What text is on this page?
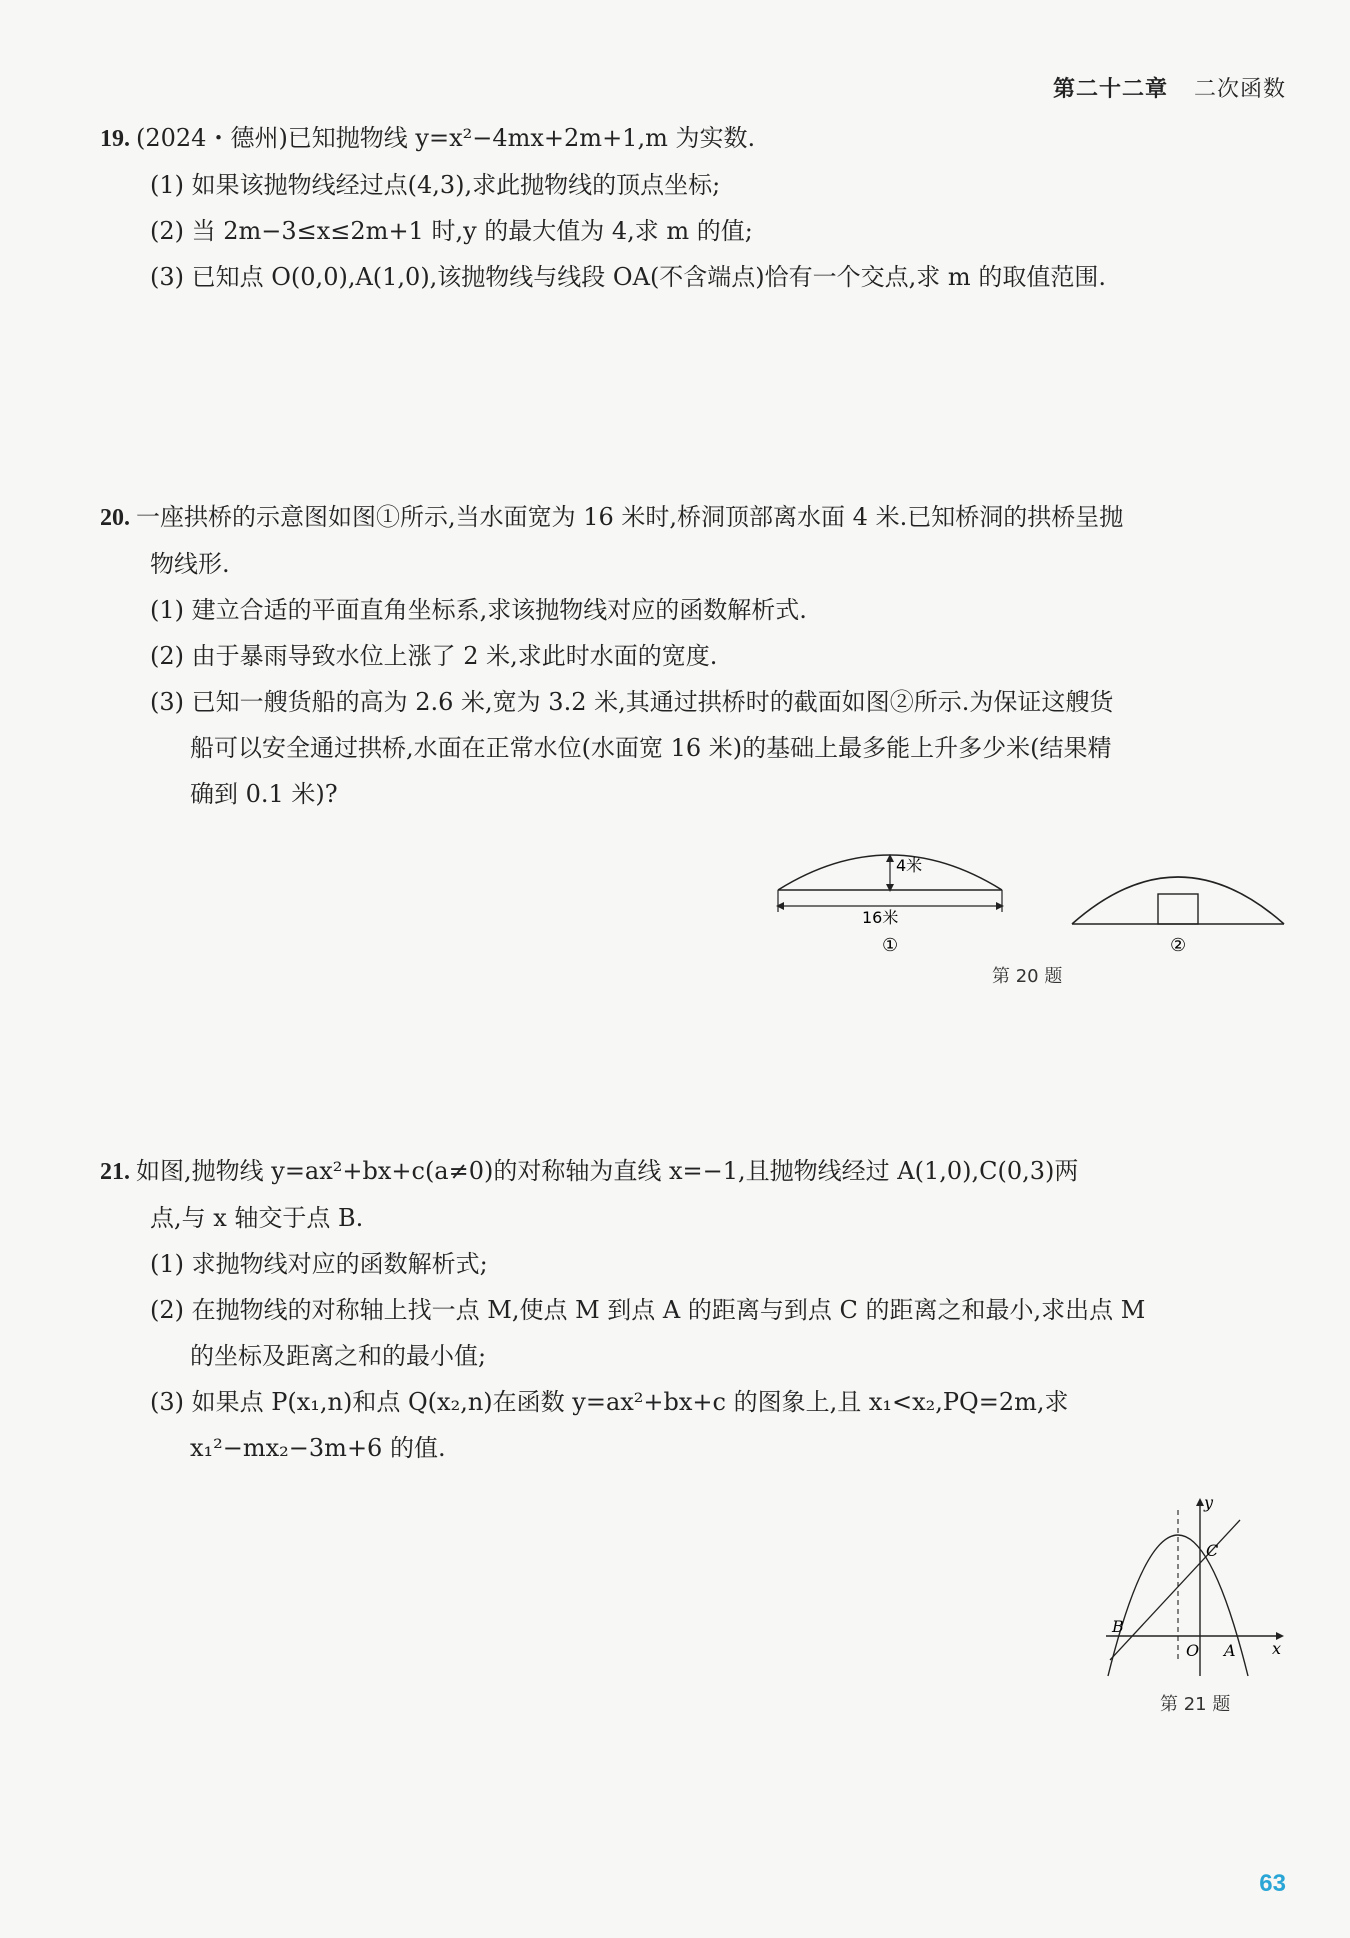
第二十二章 二次函数
19. (2024・德州)已知抛物线 y=x²−4mx+2m+1,m 为实数.
(1) 如果该抛物线经过点(4,3),求此抛物线的顶点坐标;
(2) 当 2m−3≤x≤2m+1 时,y 的最大值为 4,求 m 的值;
(3) 已知点 O(0,0),A(1,0),该抛物线与线段 OA(不含端点)恰有一个交点,求 m 的取值范围.
20. 一座拱桥的示意图如图①所示,当水面宽为 16 米时,桥洞顶部离水面 4 米.已知桥洞的拱桥呈抛
物线形.
(1) 建立合适的平面直角坐标系,求该抛物线对应的函数解析式.
(2) 由于暴雨导致水位上涨了 2 米,求此时水面的宽度.
(3) 已知一艘货船的高为 2.6 米,宽为 3.2 米,其通过拱桥时的截面如图②所示.为保证这艘货
船可以安全通过拱桥,水面在正常水位(水面宽 16 米)的基础上最多能上升多少米(结果精
确到 0.1 米)?
4米
16米
①	②
第 20 题
21. 如图,抛物线 y=ax²+bx+c(a≠0)的对称轴为直线 x=−1,且抛物线经过 A(1,0),C(0,3)两
点,与 x 轴交于点 B.
(1) 求抛物线对应的函数解析式;
(2) 在抛物线的对称轴上找一点 M,使点 M 到点 A 的距离与到点 C 的距离之和最小,求出点 M
的坐标及距离之和的最小值;
(3) 如果点 P(x₁,n)和点 Q(x₂,n)在函数 y=ax²+bx+c 的图象上,且 x₁<x₂,PQ=2m,求
x₁²−mx₂−3m+6 的值.
y
x
C
B
O A
第 21 题
63
